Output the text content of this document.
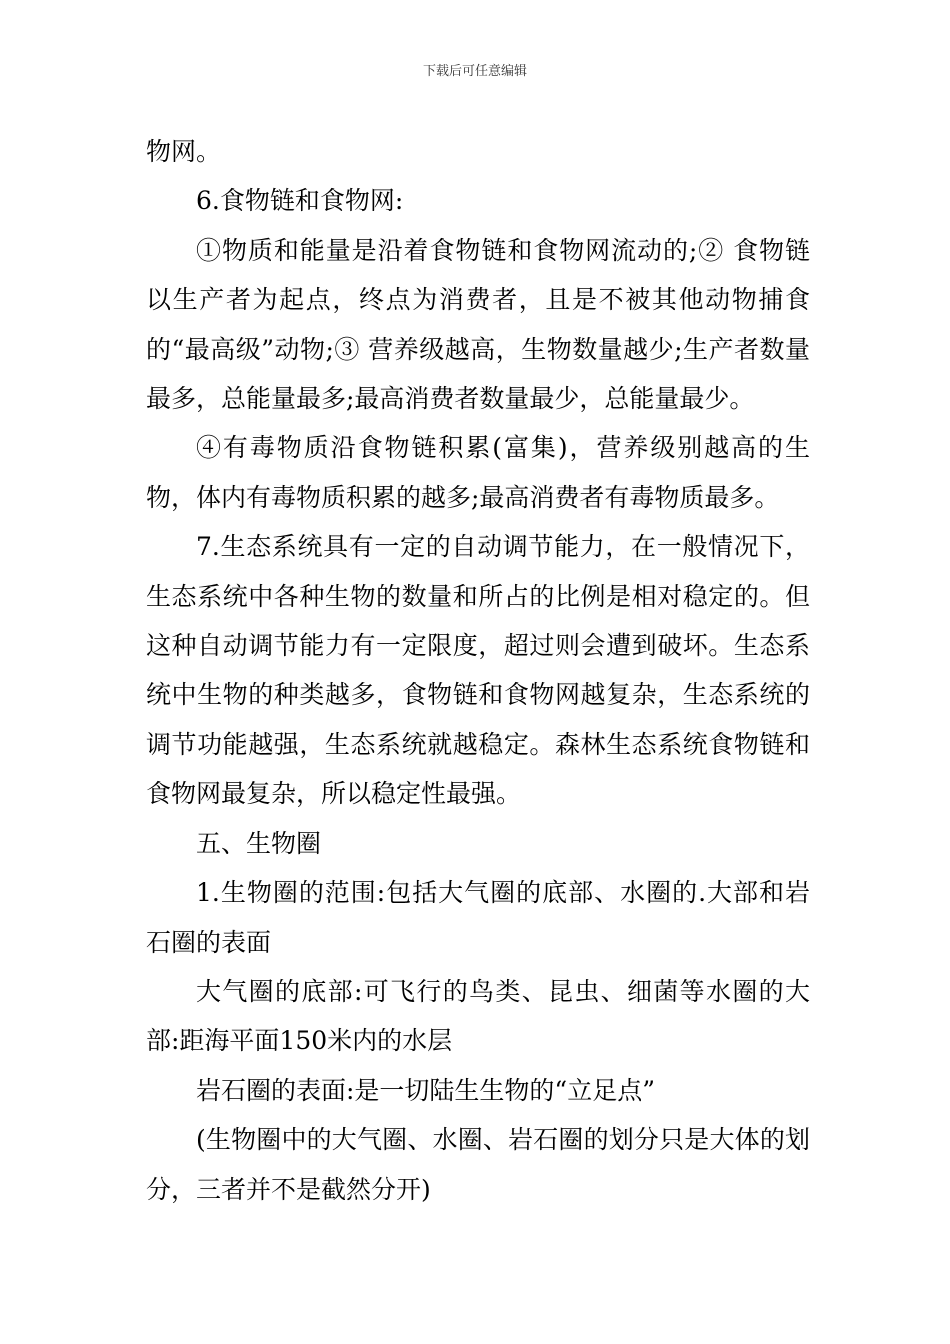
下载后可任意编辑

物网。

6.食物链和食物网:

①物质和能量是沿着食物链和食物网流动的;② 食物链以生产者为起点，终点为消费者，且是不被其他动物捕食的“最高级”动物;③ 营养级越高，生物数量越少;生产者数量最多，总能量最多;最高消费者数量最少，总能量最少。

④有毒物质沿食物链积累(富集)，营养级别越高的生物，体内有毒物质积累的越多;最高消费者有毒物质最多。

7.生态系统具有一定的自动调节能力，在一般情况下，生态系统中各种生物的数量和所占的比例是相对稳定的。但这种自动调节能力有一定限度，超过则会遭到破坏。生态系统中生物的种类越多，食物链和食物网越复杂，生态系统的调节功能越强，生态系统就越稳定。森林生态系统食物链和食物网最复杂，所以稳定性最强。

五、生物圈

1.生物圈的范围:包括大气圈的底部、水圈的.大部和岩石圈的表面

大气圈的底部:可飞行的鸟类、昆虫、细菌等水圈的大部:距海平面150米内的水层

岩石圈的表面:是一切陆生生物的“立足点”

(生物圈中的大气圈、水圈、岩石圈的划分只是大体的划分，三者并不是截然分开)
